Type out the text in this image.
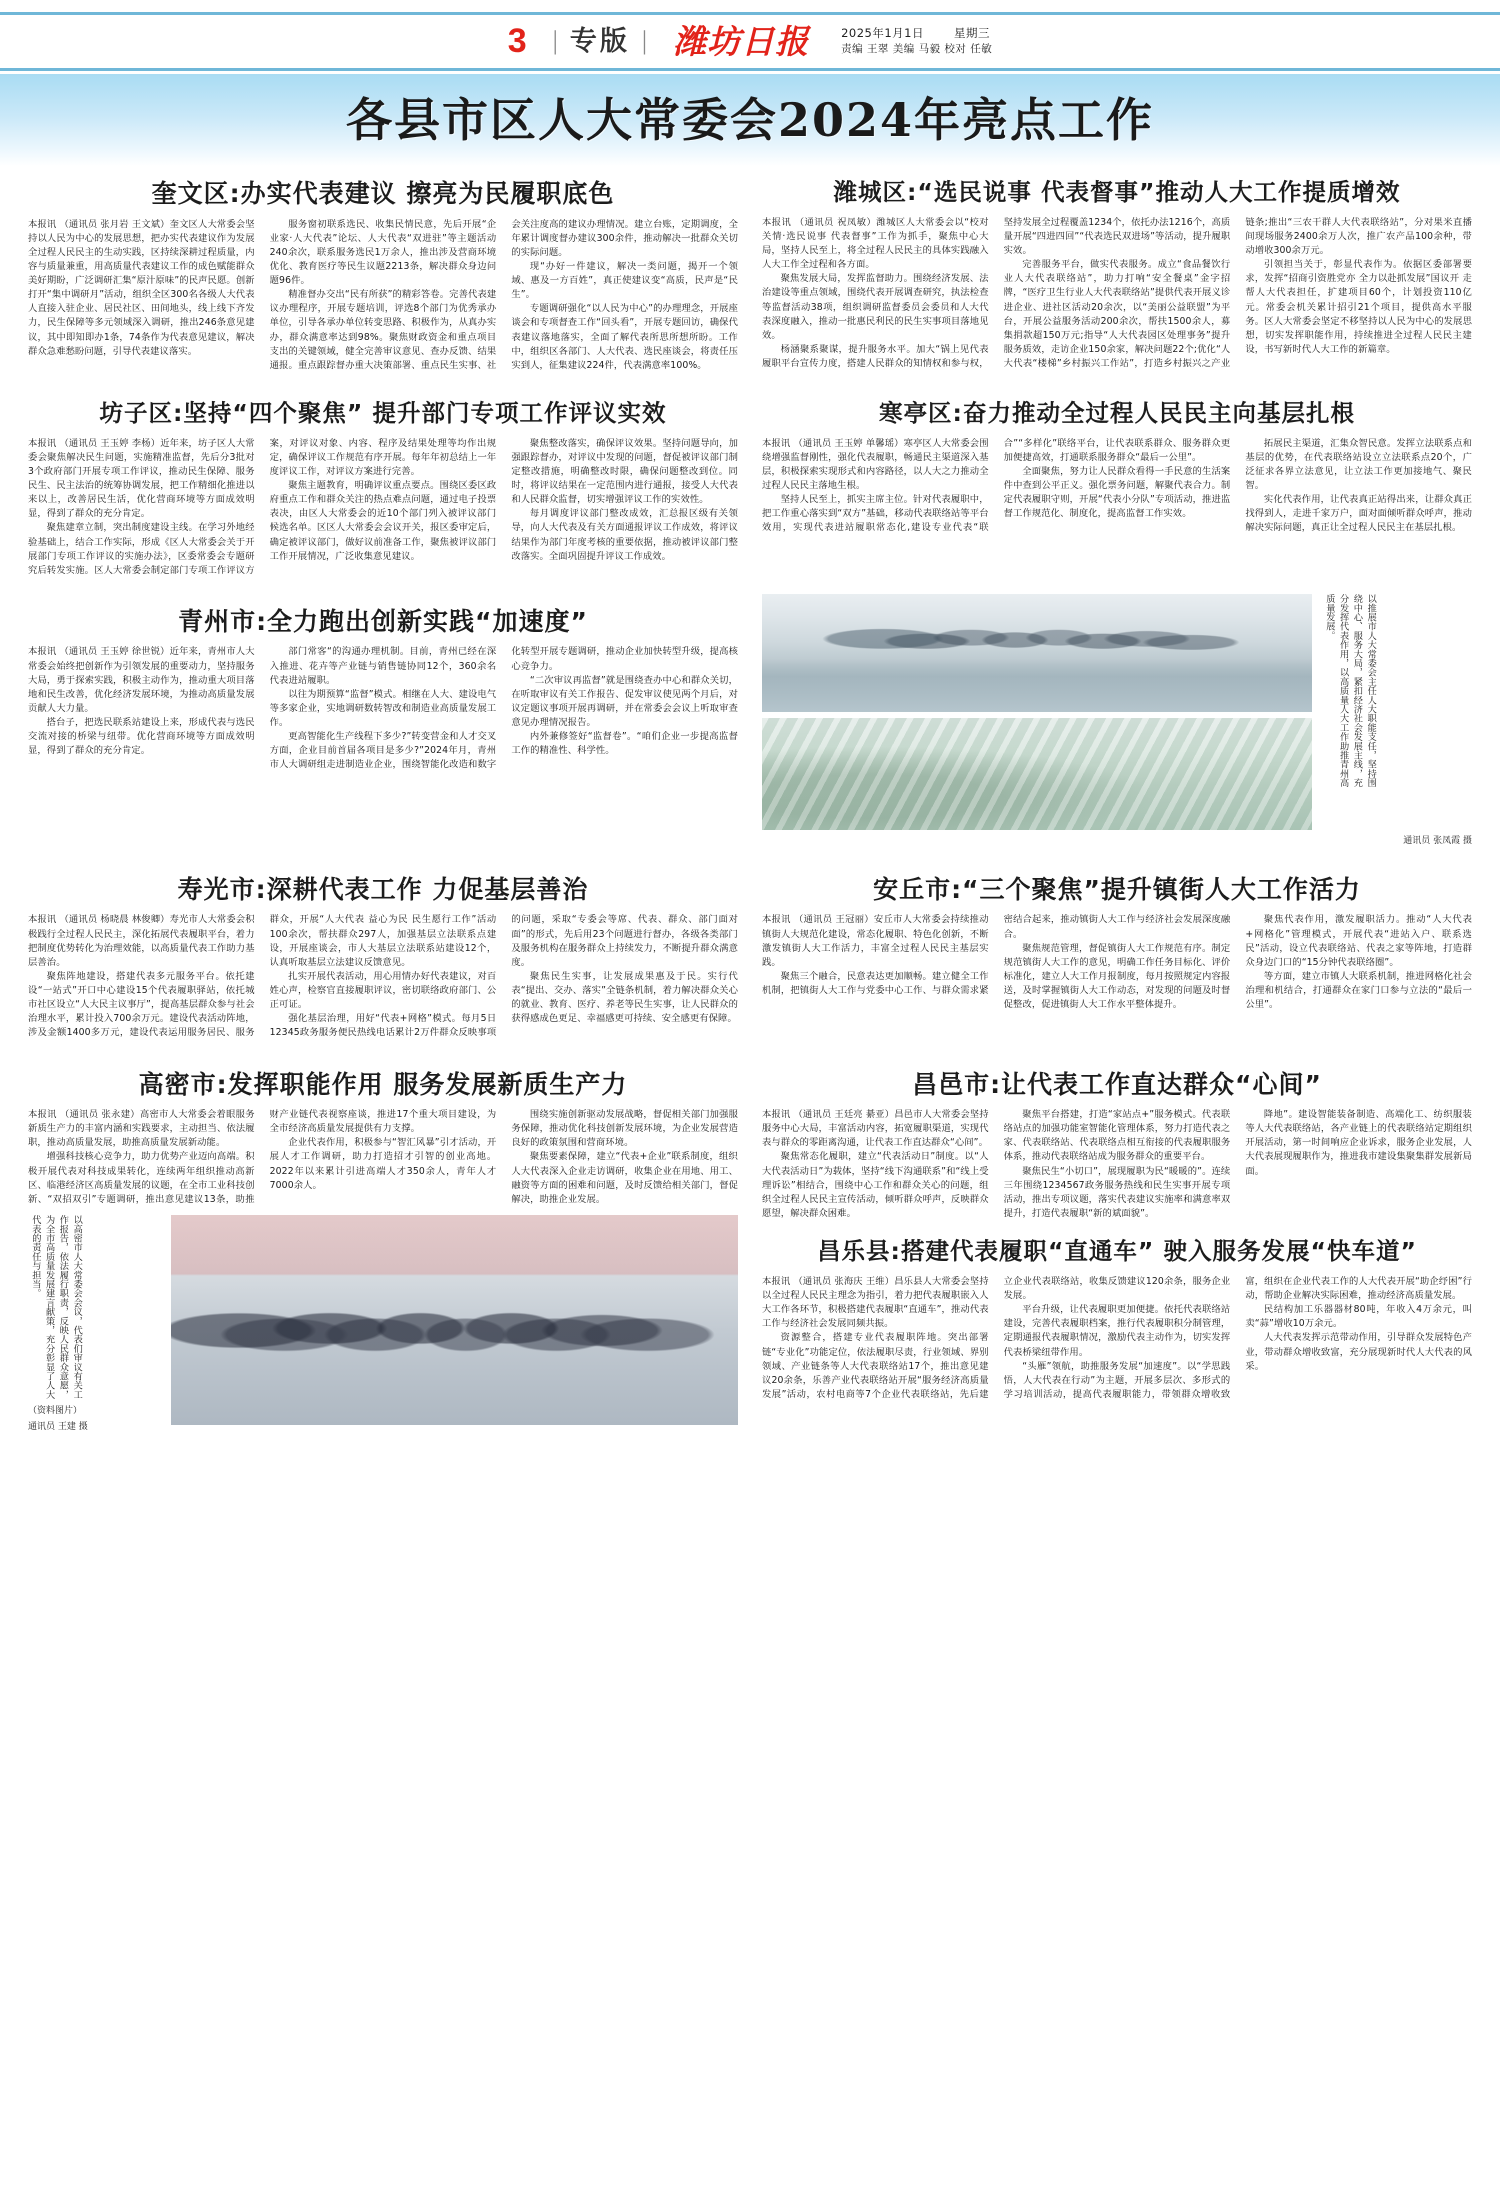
3	| 专版 | 潍坊日报	2025年1月1日	星期三
责编 王翠 美编 马毅 校对 任敏
各县市区人大常委会2024年亮点工作
奎文区:办实代表建议 擦亮为民履职底色

本报讯 （通讯员 张月岩 王文斌）奎文区人大常委会坚持以人民为中心的发展思想，把办实代表建议作为发展全过程人民民主的生动实践，区持续深耕过程质量，内容与质量兼重，用高质量代表建议工作的成色赋能群众美好期盼，广泛调研汇集“原汁原味”的民声民愿。创新打开“集中调研月”活动，组织全区300名各级人大代表人直接入驻企业、居民社区、田间地头，线上线下齐发力，民生保障等多元领域深入调研，推出246条意见建议，其中即知即办1条，74条作为代表意见建议，解决群众急难愁盼问题，引导代表建议落实。

服务窗初联系选民、收集民情民意，先后开展“企业家·人大代表”论坛、人大代表“双进驻”等主题活动240余次，联系服务选民1万余人，推出涉及营商环境优化、教育医疗等民生议题2213条，解决群众身边问题96件。

精准督办交出“民有所获”的精彩答卷。完善代表建议办理程序，开展专题培训，评选8个部门为优秀承办单位，引导各承办单位转变思路、积极作为，从真办实办，群众满意率达到98%。聚焦财政资金和重点项目支出的关键领域，健全完善审议意见、查办反馈、结果通报。重点跟踪督办重大决策部署、重点民生实事、社会关注度高的建议办理情况。建立台账，定期调度，全年累计调度督办建议300余件，推动解决一批群众关切的实际问题。

现“办好一件建议，解决一类问题，揭开一个领域、惠及一方百姓”，真正使建议变“高质，民声是“民生”。

专题调研强化“以人民为中心”的办理理念，开展座谈会和专项督查工作“回头看”，开展专题回访，确保代表建议落地落实，全面了解代表所思所想所盼。工作中，组织区各部门、人大代表、选民座谈会，将责任压实到人，征集建议224件，代表满意率100%。

潍城区:“选民说事 代表督事”推动人大工作提质增效

本报讯 （通讯员 祝凤敏）潍城区人大常委会以“校对关情·选民说事 代表督事”工作为抓手，聚焦中心大局，坚持人民至上，将全过程人民民主的具体实践融入人大工作全过程和各方面。

聚焦发展大局，发挥监督助力。围绕经济发展、法治建设等重点领域，围绕代表开展调查研究，执法检查等监督活动38项，组织调研监督委员会委员和人大代表深度融入，推动一批惠民利民的民生实事项目落地见效。

杨涵聚系聚谋，提升服务水平。加大“锅上见代表履职平台宣传力度，搭建人民群众的知情权和参与权，坚持发展全过程覆盖1234个，依托办法1216个，高质量开展“四进四回”“代表选民双进场”等活动，提升履职实效。

完善服务平台，做实代表服务。成立“食品餐饮行业人大代表联络站”，助力打响“安全餐桌”金字招牌，“医疗卫生行业人大代表联络站”提供代表开展义诊进企业、进社区活动20余次，以“美丽公益联盟”为平台，开展公益服务活动200余次，帮扶1500余人，募集捐款超150万元;指导“人大代表园区处理事务”提升服务质效，走访企业150余家，解决问题22个;优化“人大代表“楼梯”乡村振兴工作站”，打造乡村振兴之产业链条;推出“三农干群人大代表联络站”，分对果米直播间现场服务2400余万人次，推广农产品100余种，带动增收300余万元。

引领担当关于，彰显代表作为。依据区委部署要求，发挥“招商引资胜党亦 全力以赴抓发展”国议开 走帮人大代表担任，扩建项目60个，计划投资110亿元。常委会机关累计招引21个项目，提供高水平服务。区人大常委会坚定不移坚持以人民为中心的发展思想，切实发挥职能作用，持续推进全过程人民民主建设，书写新时代人大工作的新篇章。

坊子区:坚持“四个聚焦” 提升部门专项工作评议实效

本报讯 （通讯员 王玉婷 李杨）近年来，坊子区人大常委会聚焦解决民生问题，实施精准监督，先后分3批对3个政府部门开展专项工作评议，推动民生保障、服务民生、民主法治的统筹协调发展，把工作精细化推进以来以上，改善居民生活，优化营商环境等方面成效明显，得到了群众的充分肯定。

聚焦建章立制，突出制度建设主线。在学习外地经验基础上，结合工作实际，形成《区人大常委会关于开展部门专项工作评议的实施办法》，区委常委会专题研究后转发实施。区人大常委会制定部门专项工作评议方案，对评议对象、内容、程序及结果处理等均作出规定，确保评议工作规范有序开展。每年年初总结上一年度评议工作，对评议方案进行完善。

聚焦主题教育，明确评议重点要点。围绕区委区政府重点工作和群众关注的热点难点问题，通过电子投票表决，由区人大常委会的近10个部门列入被评议部门候选名单。区区人大常委会会议开关，报区委审定后，确定被评议部门，做好议前准备工作，聚焦被评议部门工作开展情况，广泛收集意见建议。

聚焦整改落实，确保评议效果。坚持问题导向，加强跟踪督办，对评议中发现的问题，督促被评议部门制定整改措施，明确整改时限，确保问题整改到位。同时，将评议结果在一定范围内进行通报，接受人大代表和人民群众监督，切实增强评议工作的实效性。

每月调度评议部门整改成效，汇总报区级有关领导，向人大代表及有关方面通报评议工作成效，将评议结果作为部门年度考核的重要依据，推动被评议部门整改落实。全面巩固提升评议工作成效。

寒亭区:奋力推动全过程人民民主向基层扎根

本报讯 （通讯员 王玉婷 单馨瑶）寒亭区人大常委会围绕增强监督刚性，强化代表履职，畅通民主渠道深入基层，积极探索实现形式和内容路径，以人大之力推动全过程人民民主落地生根。

坚持人民至上，抓实主席主位。针对代表履职中，把工作重心落实到“双方”基础，移动代表联络站等平台效用，实现代表进站履职常态化,建设专业代表“联合”“多样化”联络平台，让代表联系群众、服务群众更加便捷高效，打通联系服务群众“最后一公里”。

全面聚焦，努力让人民群众看得一手民意的生活案件中查到公平正义。强化票务问题，解聚代表合力。制定代表履职守则，开展“代表小分队”专项活动，推进监督工作规范化、制度化，提高监督工作实效。

拓展民主渠道，汇集众智民意。发挥立法联系点和基层的优势，在代表联络站设立立法联系点20个，广泛征求各界立法意见，让立法工作更加接地气、聚民智。

实化代表作用，让代表真正站得出来，让群众真正找得到人，走进千家万户，面对面倾听群众呼声，推动解决实际问题，真正让全过程人民民主在基层扎根。

青州市:全力跑出创新实践“加速度”

本报讯 （通讯员 王玉婷 徐世锐）近年来，青州市人大常委会始终把创新作为引领发展的重要动力，坚持服务大局，勇于探索实践，积极主动作为，推动重大项目落地和民生改善，优化经济发展环境，为推动高质量发展贡献人大力量。

搭台子，把选民联系站建设上来，形成代表与选民交流对接的桥梁与纽带。优化营商环境等方面成效明显，得到了群众的充分肯定。

部门常客“的沟通办理机制。目前，青州已经在深入推进、花卉等产业链与销售链协同12个，360余名代表进站履职。

以往为期预算“监督”模式。相继在人大、建设电气等多家企业，实地调研数转智改和制造业高质量发展工作。

更高智能化生产线程下多少?”转变营金和人才交叉方面，企业目前首届各项目是多少?”2024年月，青州市人大调研组走进制造业企业，围绕智能化改造和数字化转型开展专题调研，推动企业加快转型升级，提高核心竞争力。

“二次审议再监督”就是围绕查办中心和群众关切，在听取审议有关工作报告、促发审议使见两个月后，对议定题议事项开展再调研，并在常委会会议上听取审查意见办理情况报告。

内外兼修签好“监督卷”。“咱们企业一步提高监督工作的精准性、科学性。	以推展市人大常委会主任人大职能支任，坚持围绕中心、服务大局，紧扣经济社会发展主线，充分发挥代表作用，以高质量人大工作助推青州高质量发展。
通讯员 张凤霞 摄
寿光市:深耕代表工作 力促基层善治

本报讯 （通讯员 杨晓晨 林俊卿）寿光市人大常委会积极践行全过程人民民主，深化拓展代表履职平台，着力把制度优势转化为治理效能，以高质量代表工作助力基层善治。

聚焦阵地建设，搭建代表多元服务平台。依托建设“一站式”开口中心建设15个代表履职驿站，依托城市社区设立“人大民主议事厅”，提高基层群众参与社会治理水平，累计投入700余万元。建设代表活动阵地，涉及金额1400多万元，建设代表运用服务居民、服务群众，开展“人大代表 益心为民 民生愿行工作”活动100余次，帮扶群众297人，加强基层立法联系点建设，开展座谈会，市人大基层立法联系站建设12个，认真听取基层立法建议反馈意见。

扎实开展代表活动，用心用情办好代表建议，对百姓心声，检察官直接履职评议，密切联络政府部门、公正可证。

强化基层治理，用好“代表+网格”模式。每月5日12345政务服务便民热线电话累计2万件群众反映事项的问题，采取“专委会等席、代表、群众、部门面对面”的形式，先后用23个问题进行督办，各级各类部门及服务机构在服务群众上持续发力，不断提升群众满意度。

聚焦民生实事，让发展成果惠及于民。实行代表“提出、交办、落实”全链条机制，着力解决群众关心的就业、教育、医疗、养老等民生实事，让人民群众的获得感成色更足、幸福感更可持续、安全感更有保障。

安丘市:“三个聚焦”提升镇街人大工作活力

本报讯 （通讯员 王冠丽）安丘市人大常委会持续推动镇街人大规范化建设，常态化履职、特色化创新，不断激发镇街人大工作活力，丰富全过程人民民主基层实践。

聚焦三个融合，民意表达更加顺畅。建立健全工作机制，把镇街人大工作与党委中心工作、与群众需求紧密结合起来，推动镇街人大工作与经济社会发展深度融合。

聚焦规范管理，督促镇街人大工作规范有序。制定规范镇街人大工作的意见，明确工作任务目标化、评价标准化，建立人大工作月报制度，每月按照规定内容报送，及时掌握镇街人大工作动态，对发现的问题及时督促整改，促进镇街人大工作水平整体提升。

聚焦代表作用，激发履职活力。推动“人大代表+网格化”管理模式，开展代表“进站入户、联系选民”活动，设立代表联络站、代表之家等阵地，打造群众身边门口的“15分钟代表联络圈”。

等方面，建立市镇人大联系机制，推进网格化社会治理和机结合，打通群众在家门口参与立法的“最后一公里”。

高密市:发挥职能作用 服务发展新质生产力

本报讯 （通讯员 张永建）高密市人大常委会着眼服务新质生产力的丰富内涵和实践要求，主动担当、依法履职，推动高质量发展，助推高质量发展新动能。

增强科技核心竞争力，助力优势产业迈向高端。积极开展代表对科技成果转化，连续两年组织推动高新区、临港经济区高质量发展的议题，在全市工业科技创新、“双招双引”专题调研，推出意见建议13条，助推财产业链代表视察座谈，推进17个重大项目建设，为全市经济高质量发展提供有力支撑。

企业代表作用，积极参与“智汇风暴”引才活动，开展人才工作调研，助力打造招才引智的创业高地。2022年以来累计引进高端人才350余人，青年人才7000余人。

围绕实施创新驱动发展战略，督促相关部门加强服务保障，推动优化科技创新发展环境，为企业发展营造良好的政策氛围和营商环境。

聚焦要素保障，建立“代表+企业”联系制度，组织人大代表深入企业走访调研，收集企业在用地、用工、融资等方面的困难和问题，及时反馈给相关部门，督促解决，助推企业发展。

以高密市人大常委会会议，代表们审议有关工作报告，依法履行职责，反映人民群众意愿，为全市高质量发展建言献策，充分彰显了人大代表的责任与担当。
（资料图片）
通讯员 王建 摄
昌邑市:让代表工作直达群众“心间”

本报讯 （通讯员 王廷亮 綦亚）昌邑市人大常委会坚持服务中心大局，丰富活动内容，拓宽履职渠道，实现代表与群众的零距离沟通，让代表工作直达群众“心间”。

聚焦常态化履职，建立“代表活动日”制度。以“人大代表活动日”为载体，坚持“线下沟通联系”和“线上受理诉讼”相结合，围绕中心工作和群众关心的问题，组织全过程人民民主宣传活动，倾听群众呼声，反映群众愿望，解决群众困难。

聚焦平台搭建，打造“家站点+”服务模式。代表联络站点的加强功能室智能化管理体系，努力打造代表之家、代表联络站、代表联络点相互衔接的代表履职服务体系，推动代表联络站成为服务群众的重要平台。

聚焦民生“小切口”，展现履职为民“暖暖的”。连续三年围绕1234567政务服务热线和民生实事开展专项活动，推出专项议题，落实代表建议实施率和满意率双提升，打造代表履职“新的斌面貌”。

降地”。建设智能装备制造、高端化工、纺织服装等人大代表联络站，各产业链上的代表联络站定期组织开展活动，第一时间响应企业诉求，服务企业发展，人大代表展现履职作为，推进我市建设集聚集群发展新局面。

昌乐县:搭建代表履职“直通车” 驶入服务发展“快车道”

本报讯 （通讯员 张海庆 王维）昌乐县人大常委会坚持以全过程人民民主理念为指引，着力把代表履职嵌入人大工作各环节，积极搭建代表履职“直通车”，推动代表工作与经济社会发展同频共振。

资源整合，搭建专业代表履职阵地。突出部署链“专业化”功能定位，依法履职尽责，行业领域、界别领域、产业链条等人大代表联络站17个，推出意见建议20余条，乐善产业代表联络站开展“服务经济高质量发展”活动，农村电商等7个企业代表联络站，先后建立企业代表联络站，收集反馈建议120余条，服务企业发展。

平台升级，让代表履职更加便捷。依托代表联络站建设，完善代表履职档案，推行代表履职积分制管理，定期通报代表履职情况，激励代表主动作为，切实发挥代表桥梁纽带作用。

“头雁”领航，助推服务发展“加速度”。以“学思践悟，人大代表在行动”为主题，开展多层次、多形式的学习培训活动，提高代表履职能力，带领群众增收致富，组织在企业代表工作的人大代表开展“助企纾困”行动，帮助企业解决实际困难，推动经济高质量发展。

民结构加工乐器器材80吨，年收入4万余元，叫卖“蒜”增收10万余元。

人大代表发挥示范带动作用，引导群众发展特色产业，带动群众增收致富，充分展现新时代人大代表的风采。
